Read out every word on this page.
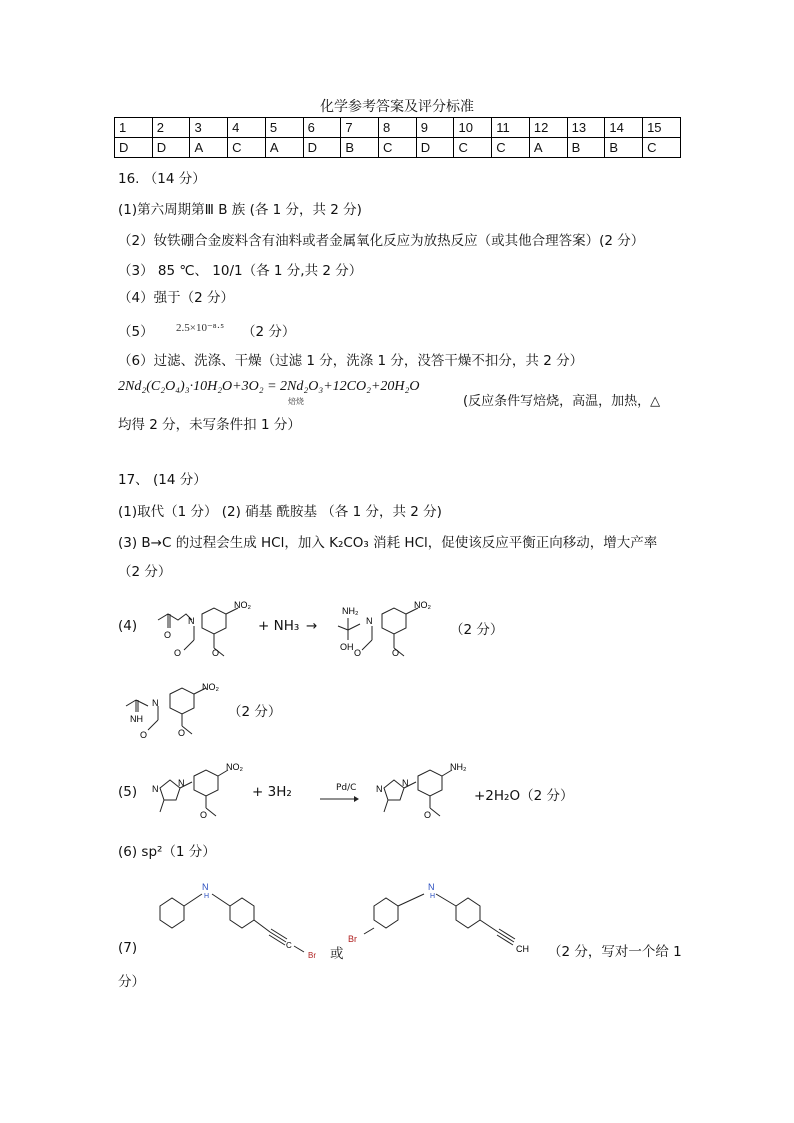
化学参考答案及评分标准
1	2	3	4	5	6	7	8	9	10	11	12	13	14	15
D	D	A	C	A	D	B	C	D	C	C	A	B	B	C
16. （14 分）
(1)第六周期第Ⅲ B 族 (各 1 分，共 2 分)
（2）钕铁硼合金废料含有油料或者金属氧化反应为放热反应（或其他合理答案）(2 分）
（3） 85 ℃、 10/1（各 1 分,共 2 分）
（4）强于（2 分）
（5） 2.5×10⁻⁸·⁵ （2 分）
（6）过滤、洗涤、干燥（过滤 1 分，洗涤 1 分，没答干燥不扣分，共 2 分）
2Nd₂(C₂O₄)₃·10H₂O+3O₂ = 2Nd₂O₃+12CO₂+20H₂O
焙烧	(反应条件写焙烧，高温，加热，△
均得 2 分，未写条件扣 1 分）
17、 (14 分）
(1)取代（1 分） (2) 硝基 酰胺基 （各 1 分，共 2 分)
(3) B→C 的过程会生成 HCl，加入 K₂CO₃ 消耗 HCl，促使该反应平衡正向移动，增大产率
（2 分）
(4)
O
N
NO₂
O	O
+ NH₃ →
NH₂
OH
N
NO₂
O	O
（2 分）
NH
N
NO₂
O	O
（2 分）
(5) N
N
NO₂
O
+ 3H₂	Pd/C N
N
NH₂
O
+2H₂O（2 分）
(6) sp²（1 分）
(7)
N
H
C
Br 或
Br
N
H
CH （2 分，写对一个给 1
分）
